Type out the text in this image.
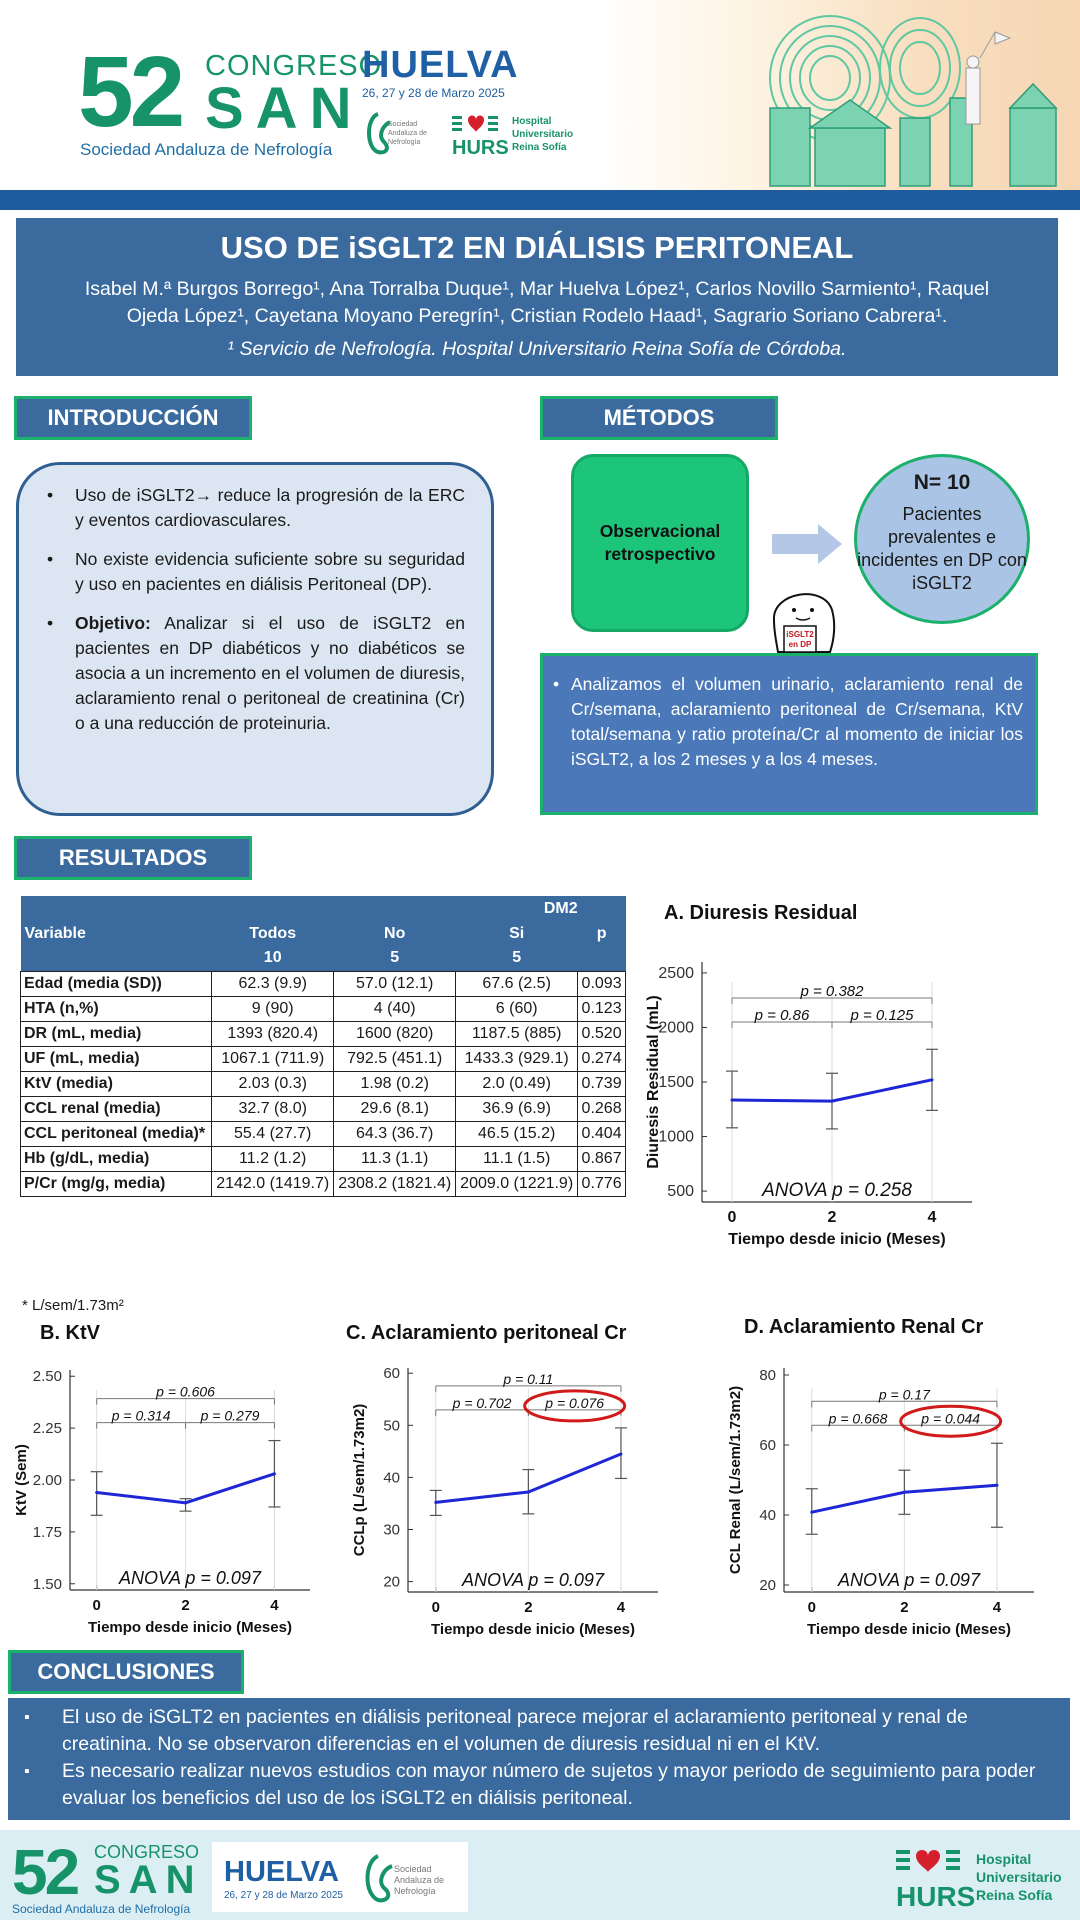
52 CONGRESO
SAN
Sociedad Andaluza de Nefrología
HUELVA
26, 27 y 28 de Marzo 2025
Sociedad
Andaluza de
Nefrología HURS
Hospital
Universitario
Reina Sofía
USO DE iSGLT2 EN DIÁLISIS PERITONEAL
Isabel M.ª Burgos Borrego¹, Ana Torralba Duque¹, Mar Huelva López¹, Carlos Novillo Sarmiento¹, Raquel
Ojeda López¹, Cayetana Moyano Peregrín¹, Cristian Rodelo Haad¹, Sagrario Soriano Cabrera¹.
¹ Servicio de Nefrología. Hospital Universitario Reina Sofía de Córdoba.
INTRODUCCIÓN
• Uso de iSGLT2→ reduce la progresión de la ERC y eventos cardiovasculares.
• No existe evidencia suficiente sobre su seguridad y uso en pacientes en diálisis Peritoneal (DP).
• Objetivo: Analizar si el uso de iSGLT2 en pacientes en DP diabéticos y no diabéticos se asocia a un incremento en el volumen de diuresis, aclaramiento renal o peritoneal de creatinina (Cr) o a una reducción de proteinuria.
MÉTODOS
Observacional
retrospectivo
N= 10
Pacientes prevalentes e incidentes en DP con iSGLT2
iSGLT2
en DP

• Analizamos el volumen urinario, aclaramiento renal de Cr/semana, aclaramiento peritoneal de Cr/semana, KtV total/semana y ratio proteína/Cr al momento de iniciar los iSGLT2, a los 2 meses y a los 4 meses.

RESULTADOS
		DM2		
Variable	Todos	No	Si	p
	10	5	5	
Edad (media (SD))	62.3 (9.9)	57.0 (12.1)	67.6 (2.5)	0.093
HTA (n,%)	9 (90)	4 (40)	6 (60)	0.123
DR (mL, media)	1393 (820.4)	1600 (820)	1187.5 (885)	0.520
UF (mL, media)	1067.1 (711.9)	792.5 (451.1)	1433.3 (929.1)	0.274
KtV (media)	2.03 (0.3)	1.98 (0.2)	2.0 (0.49)	0.739
CCL renal (media)	32.7 (8.0)	29.6 (8.1)	36.9 (6.9)	0.268
CCL peritoneal (media)*	55.4 (27.7)	64.3 (36.7)	46.5 (15.2)	0.404
Hb (g/dL, media)	11.2 (1.2)	11.3 (1.1)	11.1 (1.5)	0.867
P/Cr (mg/g, media)	2142.0 (1419.7)	2308.2 (1821.4)	2009.0 (1221.9)	0.776
* L/sem/1.73m²
A. Diuresis Residual
B. KtV	C. Aclaramiento peritoneal Cr	D. Aclaramiento Renal Cr
500
1000
1500
2000
2500
0	2	4
Tiempo desde inicio (Meses)
Diuresis Residual (mL)	p = 0.86	p = 0.125
p = 0.382
ANOVA p = 0.258
1.50
1.75
2.00
2.25
2.50
0	2	4
Tiempo desde inicio (Meses)
KtV (Sem)
p = 0.314 p = 0.279
p = 0.606
ANOVA p = 0.097	20
30
40
50
60
0	2	4
Tiempo desde inicio (Meses)
CCLp (L/sem/1.73m2)
p = 0.702 p = 0.076
p = 0.11
ANOVA p = 0.097	20
40
60
80
0	2	4
Tiempo desde inicio (Meses)
CCL Renal (L/sem/1.73m2)	p = 0.668 p = 0.044
p = 0.17
ANOVA p = 0.097
CONCLUSIONES
▪ El uso de iSGLT2 en pacientes en diálisis peritoneal parece mejorar el aclaramiento peritoneal y renal de creatinina. No se observaron diferencias en el volumen de diuresis residual ni en el KtV.
▪ Es necesario realizar nuevos estudios con mayor número de sujetos y mayor periodo de seguimiento para poder evaluar los beneficios del uso de los iSGLT2 en diálisis peritoneal.
52 CONGRESO
SAN
Sociedad Andaluza de Nefrología
HUELVA
26, 27 y 28 de Marzo 2025
Sociedad
Andaluza de
Nefrología	HURS
Hospital
Universitario
Reina Sofía
